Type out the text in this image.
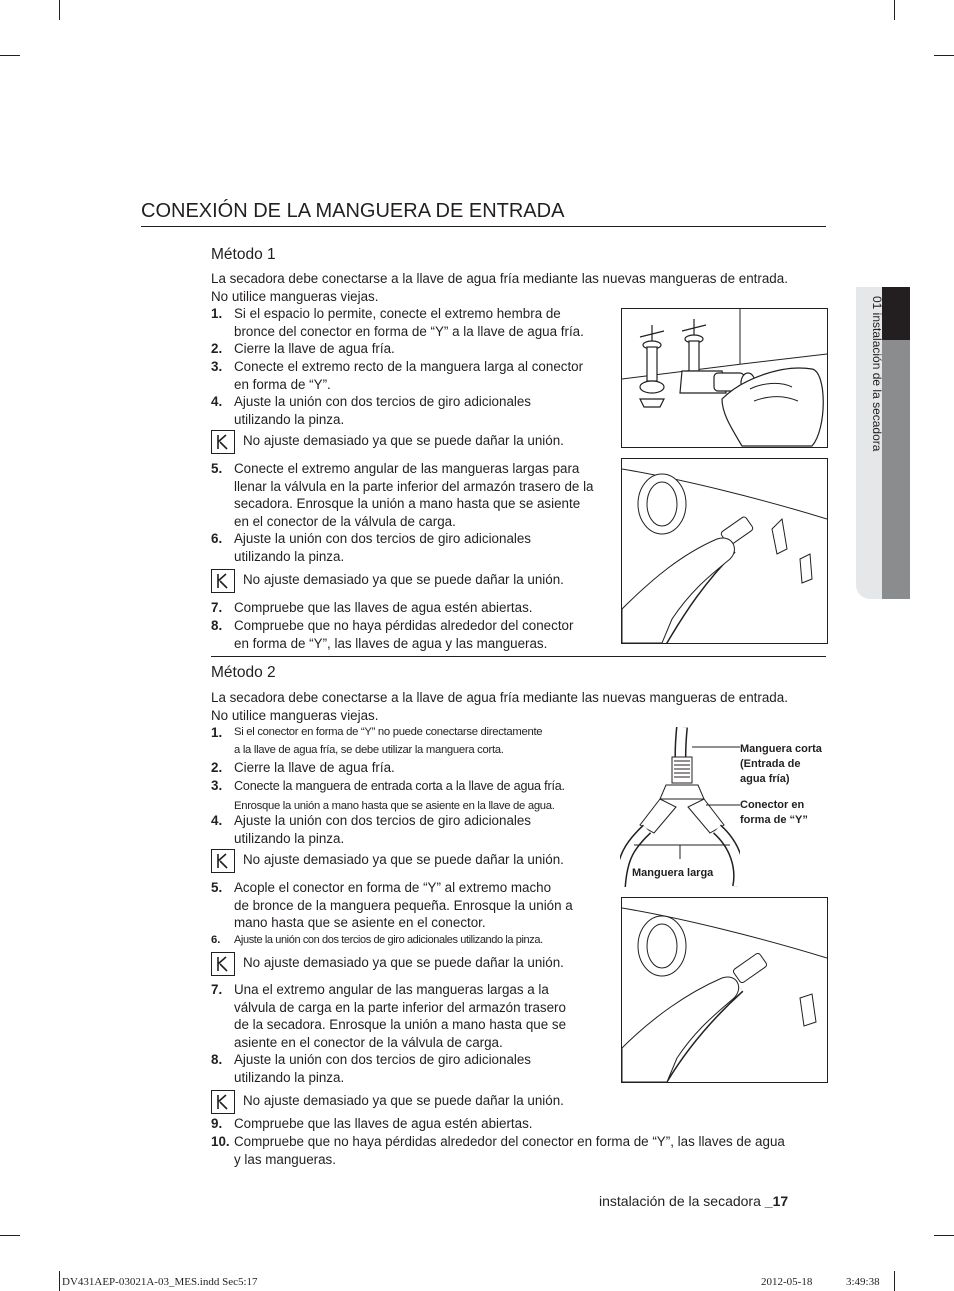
01 instalación de la secadora
CONEXIÓN DE LA MANGUERA DE ENTRADA
Método 1
La secadora debe conectarse a la llave de agua fría mediante las nuevas mangueras de entrada.
No utilice mangueras viejas.
1. Si el espacio lo permite, conecte el extremo hembra de
bronce del conector en forma de “Y” a la llave de agua fría.
2. Cierre la llave de agua fría.
3. Conecte el extremo recto de la manguera larga al conector
en forma de “Y”.
4. Ajuste la unión con dos tercios de giro adicionales
utilizando la pinza.
No ajuste demasiado ya que se puede dañar la unión.
5. Conecte el extremo angular de las mangueras largas para
llenar la válvula en la parte inferior del armazón trasero de la
secadora. Enrosque la unión a mano hasta que se asiente
en el conector de la válvula de carga.
6. Ajuste la unión con dos tercios de giro adicionales
utilizando la pinza.
No ajuste demasiado ya que se puede dañar la unión.
7. Compruebe que las llaves de agua estén abiertas.
8. Compruebe que no haya pérdidas alrededor del conector
en forma de “Y”, las llaves de agua y las mangueras.
Método 2
La secadora debe conectarse a la llave de agua fría mediante las nuevas mangueras de entrada.
No utilice mangueras viejas.
1. Si el conector en forma de “Y” no puede conectarse directamente
a la llave de agua fría, se debe utilizar la manguera corta.
2. Cierre la llave de agua fría.
3. Conecte la manguera de entrada corta a la llave de agua fría.
Enrosque la unión a mano hasta que se asiente en la llave de agua.
4. Ajuste la unión con dos tercios de giro adicionales
utilizando la pinza.
No ajuste demasiado ya que se puede dañar la unión.
5. Acople el conector en forma de “Y” al extremo macho
de bronce de la manguera pequeña. Enrosque la unión a
mano hasta que se asiente en el conector.
6. Ajuste la unión con dos tercios de giro adicionales utilizando la pinza.
No ajuste demasiado ya que se puede dañar la unión.
7. Una el extremo angular de las mangueras largas a la
válvula de carga en la parte inferior del armazón trasero
de la secadora. Enrosque la unión a mano hasta que se
asiente en el conector de la válvula de carga.
8. Ajuste la unión con dos tercios de giro adicionales
utilizando la pinza.
No ajuste demasiado ya que se puede dañar la unión.
9. Compruebe que las llaves de agua estén abiertas.
10. Compruebe que no haya pérdidas alrededor del conector en forma de “Y”, las llaves de agua
y las mangueras.
Manguera corta
(Entrada de
agua fría)
Conector en
forma de “Y”
Manguera larga
instalación de la secadora _17
DV431AEP-03021A-03_MES.indd Sec5:17	2012-05-18	3:49:38
